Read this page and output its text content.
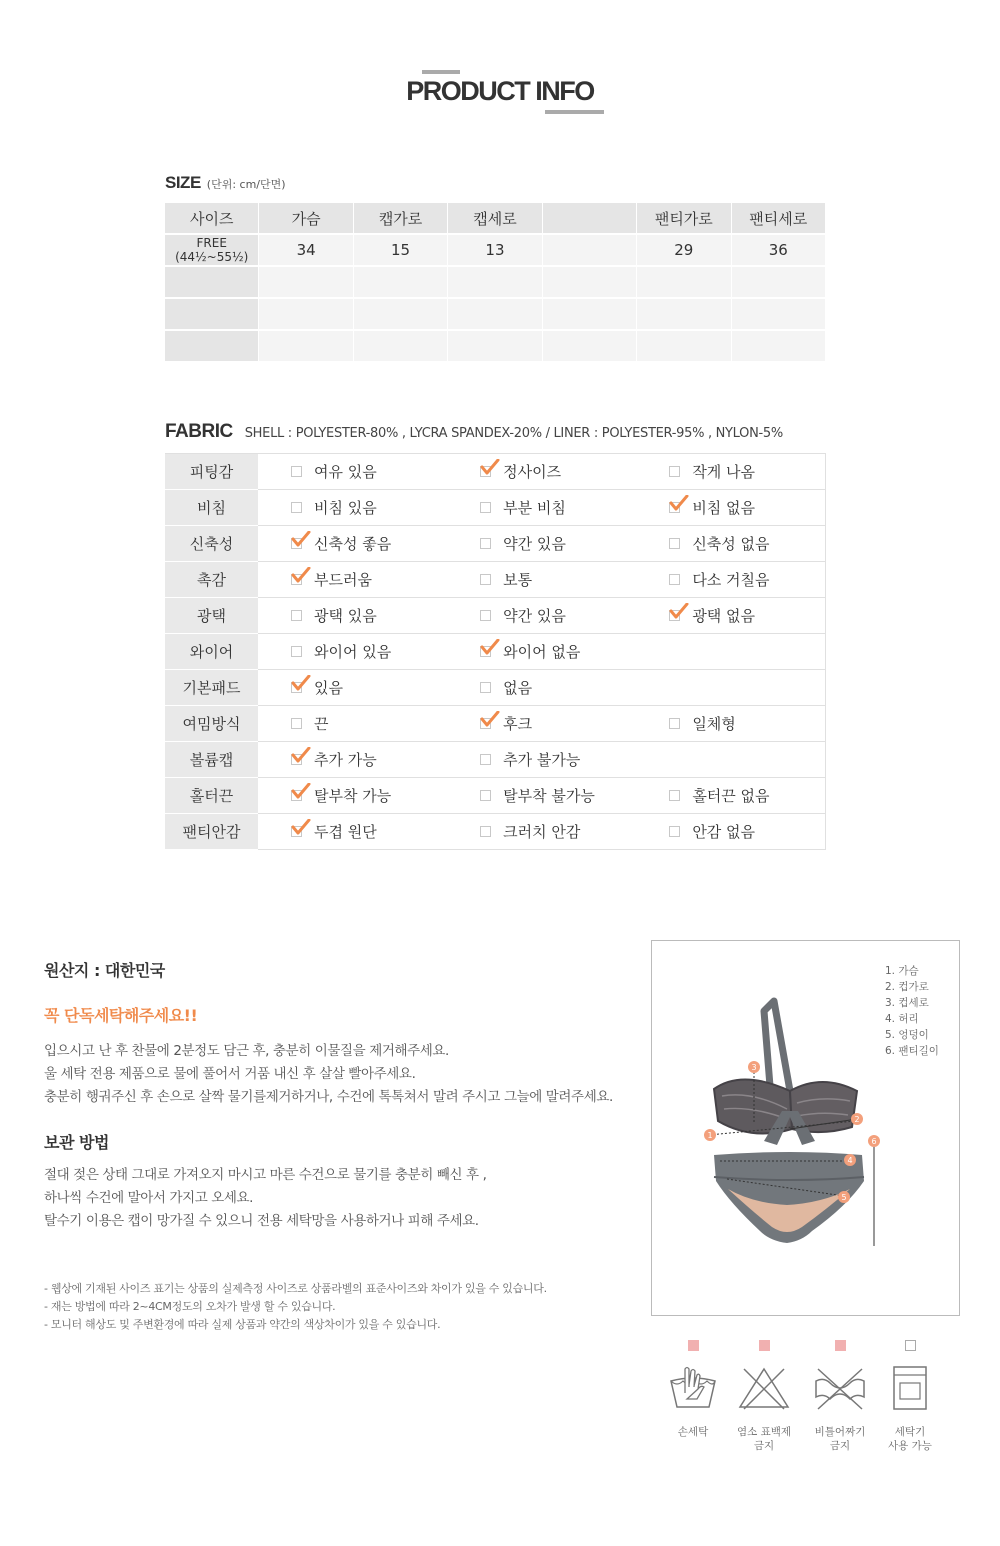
PRODUCT INFO
SIZE (단위: cm/단면)
사이즈	가슴	캡가로	캡세로		팬티가로	팬티세로

FREE
(44½~55½)	34	15	13		29	36

FABRIC SHELL : POLYESTER-80% , LYCRA SPANDEX-20% / LINER : POLYESTER-95% , NYLON-5%
피팅감	여유 있음	정사이즈	작게 나옴
비침	비침 있음	부분 비침	비침 없음
신축성	신축성 좋음	약간 있음	신축성 없음
촉감	부드러움	보통	다소 거칠음
광택	광택 있음	약간 있음	광택 없음
와이어	와이어 있음	와이어 없음	
기본패드	있음	없음	
여밈방식	끈	후크	일체형
볼륨캡	추가 가능	추가 불가능	
홀터끈	탈부착 가능	탈부착 불가능	홀터끈 없음
팬티안감	두겹 원단	크러치 안감	안감 없음
원산지 : 대한민국
꼭 단독세탁해주세요!!
입으시고 난 후 찬물에 2분정도 담근 후, 충분히 이물질을 제거해주세요.
울 세탁 전용 제품으로 물에 풀어서 거품 내신 후 살살 빨아주세요.
충분히 행궈주신 후 손으로 살짝 물기를제거하거나, 수건에 톡톡쳐서 말려 주시고 그늘에 말려주세요.
보관 방법
절대 젖은 상태 그대로 가져오지 마시고 마른 수건으로 물기를 충분히 빼신 후 ,
하나씩 수건에 말아서 가지고 오세요.
탈수기 이용은 캡이 망가질 수 있으니 전용 세탁망을 사용하거나 피해 주세요.
- 웹상에 기재된 사이즈 표기는 상품의 실제측정 사이즈로 상품라벨의 표준사이즈와 차이가 있을 수 있습니다.
- 재는 방법에 따라 2~4CM정도의 오차가 발생 할 수 있습니다.
- 모니터 해상도 및 주변환경에 따라 실제 상품과 약간의 색상차이가 있을 수 있습니다.
1
2
3
4
5
6
1. 가슴
2. 컵가로
3. 컵세로
4. 허리
5. 엉덩이
6. 팬티길이
손세탁	염소 표백제
금지
비틀어짜기
금지
세탁기
사용 가능
